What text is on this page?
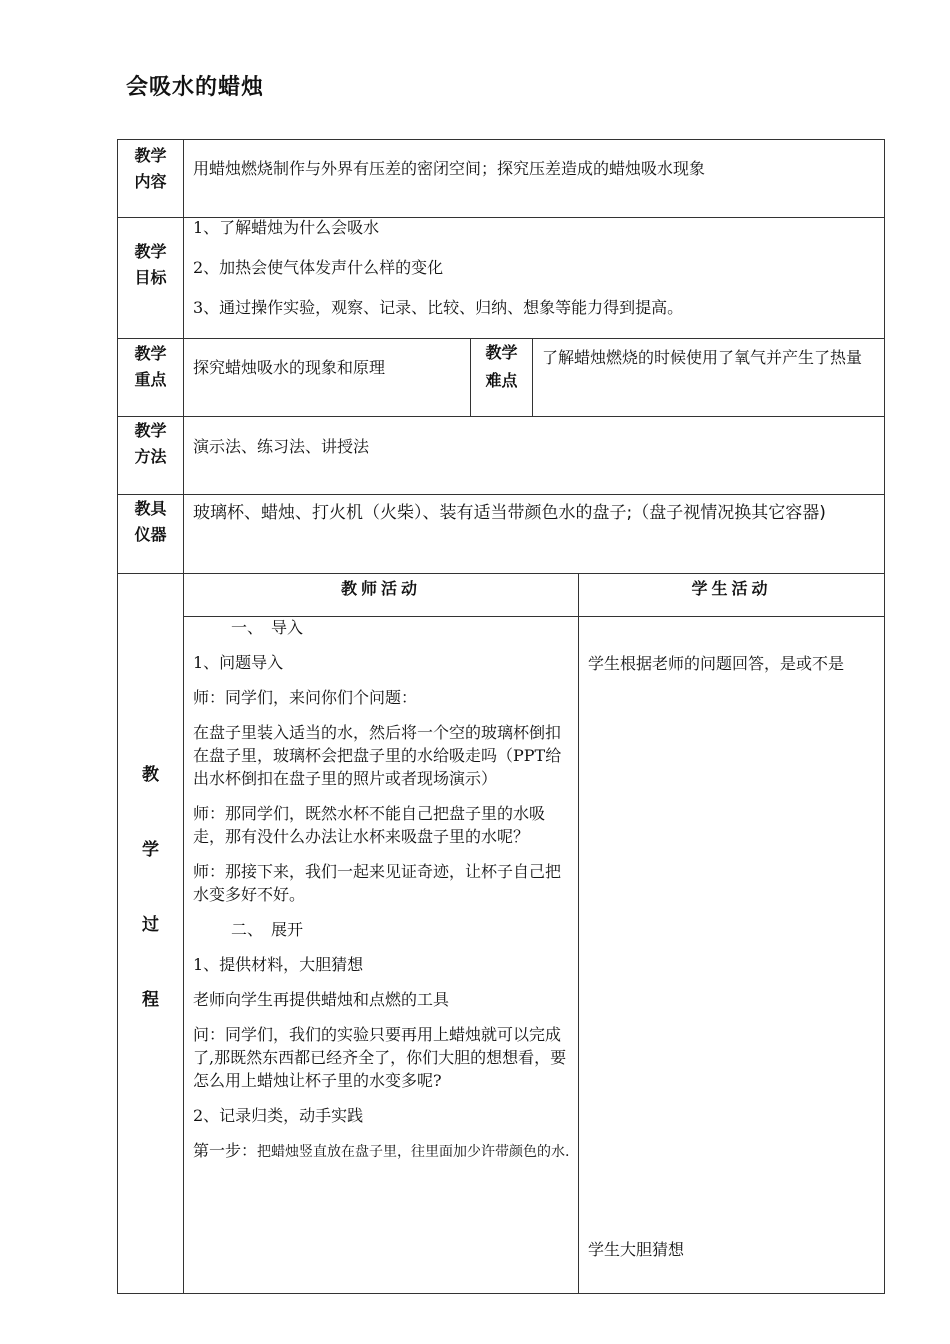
会吸水的蜡烛
教学
内容
用蜡烛燃烧制作与外界有压差的密闭空间；探究压差造成的蜡烛吸水现象
教学
目标

1、了解蜡烛为什么会吸水

2、加热会使气体发声什么样的变化

3、通过操作实验，观察、记录、比较、归纳、想象等能力得到提高。

教学
重点
探究蜡烛吸水的现象和原理
教学
难点
了解蜡烛燃烧的时候使用了氧气并产生了热量
教学
方法
演示法、练习法、讲授法
教具
仪器
玻璃杯、蜡烛、打火机（火柴）、装有适当带颜色水的盘子;（盘子视情况换其它容器)
教
学
过
程
教师活动	学生活动

一、　导入

1、问题导入

师：同学们，来问你们个问题：

在盘子里装入适当的水，然后将一个空的玻璃杯倒扣在盘子里，玻璃杯会把盘子里的水给吸走吗（PPT给出水杯倒扣在盘子里的照片或者现场演示）

师：那同学们，既然水杯不能自己把盘子里的水吸走，那有没什么办法让水杯来吸盘子里的水呢？

师：那接下来，我们一起来见证奇迹，让杯子自己把水变多好不好。

二、　展开

1、提供材料，大胆猜想

老师向学生再提供蜡烛和点燃的工具

问：同学们，我们的实验只要再用上蜡烛就可以完成了,那既然东西都已经齐全了，你们大胆的想想看，要怎么用上蜡烛让杯子里的水变多呢?

2、记录归类，动手实践

第一步：把蜡烛竖直放在盘子里，往里面加少许带颜色的水.

学生根据老师的问题回答，是或不是
学生大胆猜想
